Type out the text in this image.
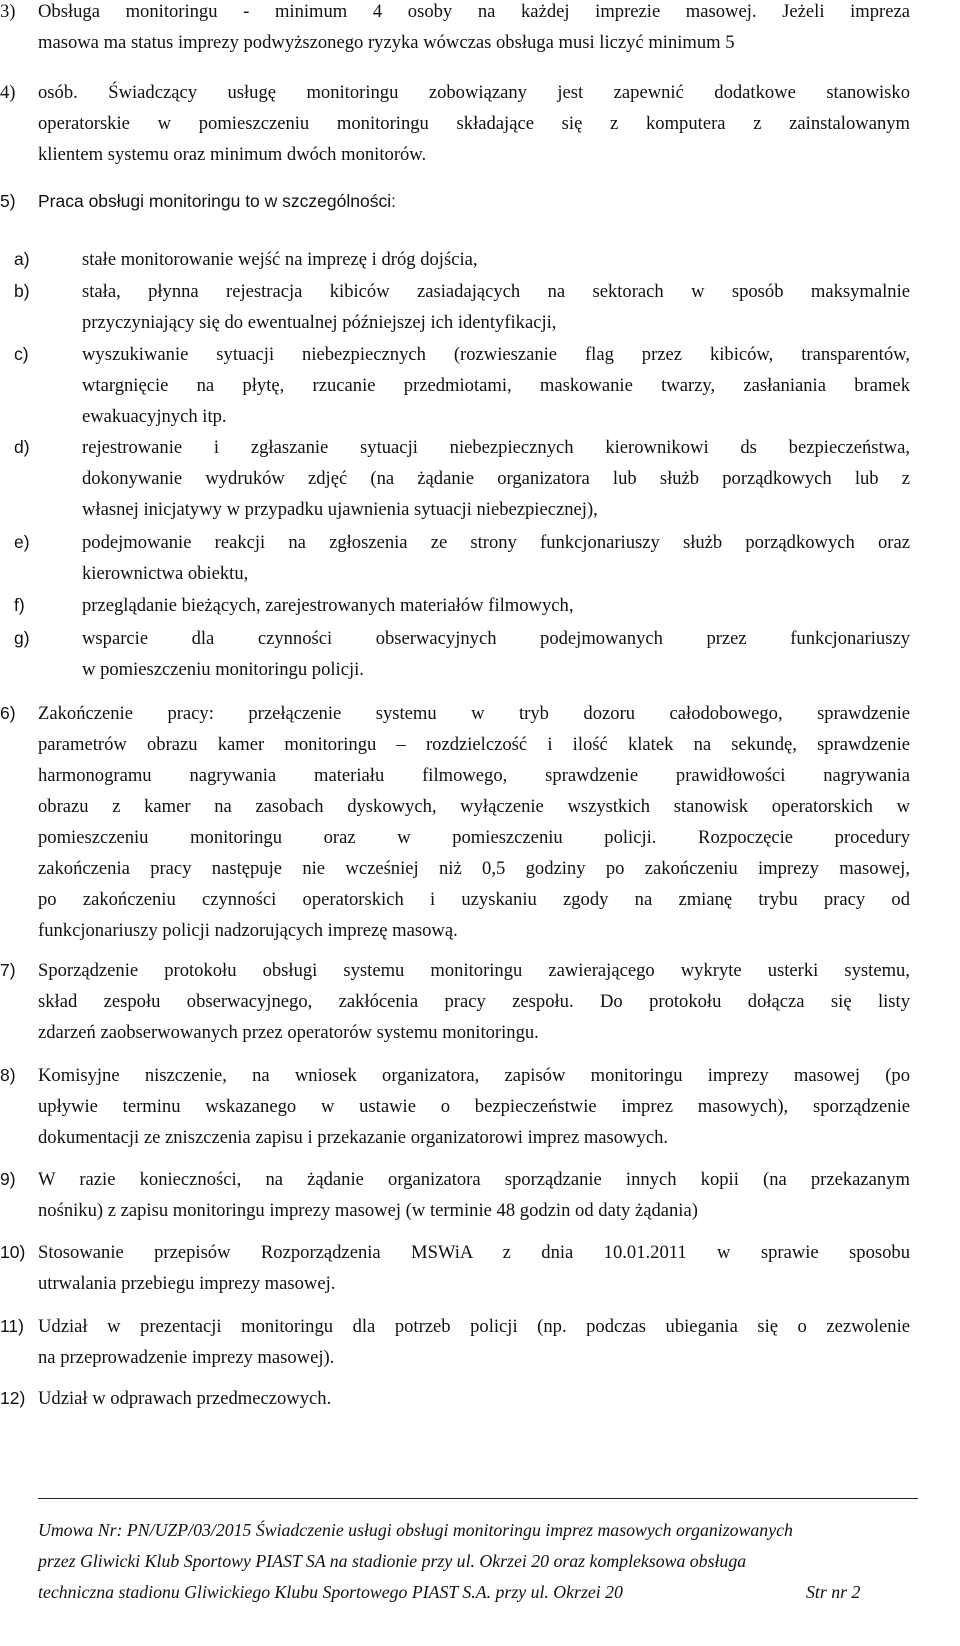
3) Obsługa monitoringu - minimum 4 osoby na każdej imprezie masowej. Jeżeli impreza
masowa ma status imprezy podwyższonego ryzyka wówczas obsługa musi liczyć minimum 5
4) osób. Świadczący usługę monitoringu zobowiązany jest zapewnić dodatkowe stanowisko
operatorskie w pomieszczeniu monitoringu składające się z komputera z zainstalowanym
klientem systemu oraz minimum dwóch monitorów.
5) Praca obsługi monitoringu to w szczególności:
a)	stałe monitorowanie wejść na imprezę i dróg dojścia,
b)	stała, płynna rejestracja kibiców zasiadających na sektorach w sposób maksymalnie
przyczyniający się do ewentualnej późniejszej ich identyfikacji,
c)	wyszukiwanie sytuacji niebezpiecznych (rozwieszanie flag przez kibiców, transparentów,
wtargnięcie na płytę, rzucanie przedmiotami, maskowanie twarzy, zasłaniania bramek
ewakuacyjnych itp.
d)	rejestrowanie i zgłaszanie sytuacji niebezpiecznych kierownikowi ds bezpieczeństwa,
dokonywanie wydruków zdjęć (na żądanie organizatora lub służb porządkowych lub z
własnej inicjatywy w przypadku ujawnienia sytuacji niebezpiecznej),
e)	podejmowanie reakcji na zgłoszenia ze strony funkcjonariuszy służb porządkowych oraz
kierownictwa obiektu,
f)	przeglądanie bieżących, zarejestrowanych materiałów filmowych,
g)	wsparcie dla czynności obserwacyjnych podejmowanych przez funkcjonariuszy
w pomieszczeniu monitoringu policji.
6) Zakończenie pracy: przełączenie systemu w tryb dozoru całodobowego, sprawdzenie
parametrów obrazu kamer monitoringu – rozdzielczość i ilość klatek na sekundę, sprawdzenie
harmonogramu nagrywania materiału filmowego, sprawdzenie prawidłowości nagrywania
obrazu z kamer na zasobach dyskowych, wyłączenie wszystkich stanowisk operatorskich w
pomieszczeniu monitoringu oraz w pomieszczeniu policji. Rozpoczęcie procedury
zakończenia pracy następuje nie wcześniej niż 0,5 godziny po zakończeniu imprezy masowej,
po zakończeniu czynności operatorskich i uzyskaniu zgody na zmianę trybu pracy od
funkcjonariuszy policji nadzorujących imprezę masową.
7) Sporządzenie protokołu obsługi systemu monitoringu zawierającego wykryte usterki systemu,
skład zespołu obserwacyjnego, zakłócenia pracy zespołu. Do protokołu dołącza się listy
zdarzeń zaobserwowanych przez operatorów systemu monitoringu.
8) Komisyjne niszczenie, na wniosek organizatora, zapisów monitoringu imprezy masowej (po
upływie terminu wskazanego w ustawie o bezpieczeństwie imprez masowych), sporządzenie
dokumentacji ze zniszczenia zapisu i przekazanie organizatorowi imprez masowych.
9) W razie konieczności, na żądanie organizatora sporządzanie innych kopii (na przekazanym
nośniku) z zapisu monitoringu imprezy masowej (w terminie 48 godzin od daty żądania)
10) Stosowanie przepisów Rozporządzenia MSWiA z dnia 10.01.2011 w sprawie sposobu
utrwalania przebiegu imprezy masowej.
11) Udział w prezentacji monitoringu dla potrzeb policji (np. podczas ubiegania się o zezwolenie
na przeprowadzenie imprezy masowej).
12) Udział w odprawach przedmeczowych.
Umowa Nr: PN/UZP/03/2015 Świadczenie usługi obsługi monitoringu imprez masowych organizowanych
przez Gliwicki Klub Sportowy PIAST SA na stadionie przy ul. Okrzei 20 oraz kompleksowa obsługa
techniczna stadionu Gliwickiego Klubu Sportowego PIAST S.A. przy ul. Okrzei 20	Str nr 2
